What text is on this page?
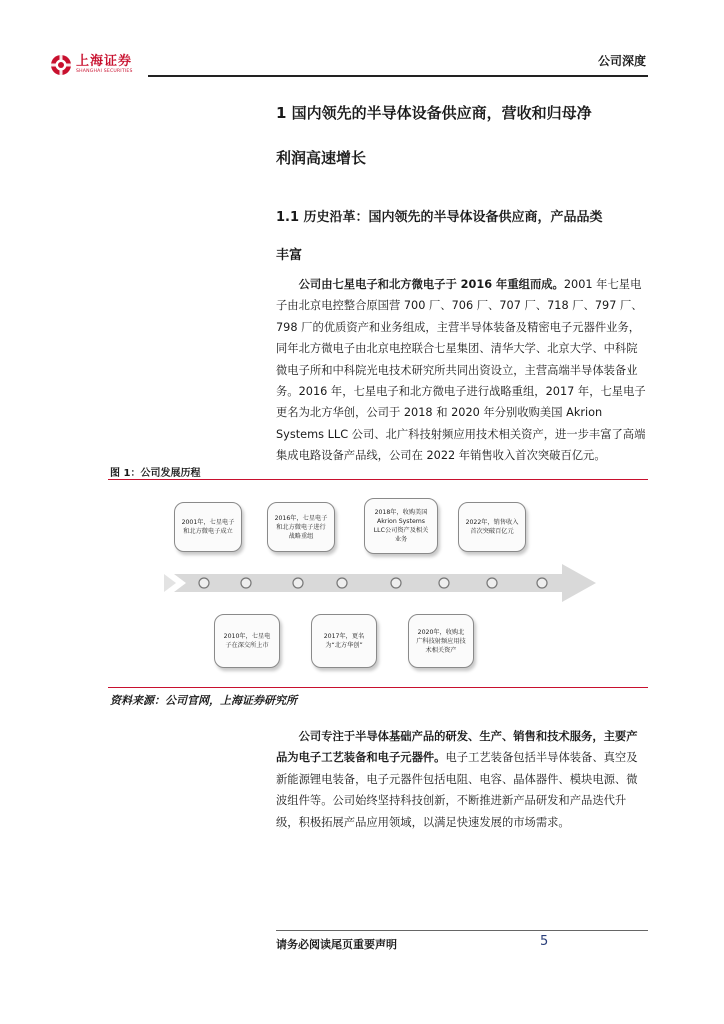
上海证券
SHANGHAI SECURITIES
公司深度

1 国内领先的半导体设备供应商，营收和归母净

利润高速增长

1.1 历史沿革：国内领先的半导体设备供应商，产品品类

丰富

公司由七星电子和北方微电子于 2016 年重组而成。2001 年七星电子由北京电控整合原国营 700 厂、706 厂、707 厂、718 厂、797 厂、798 厂的优质资产和业务组成，主营半导体装备及精密电子元器件业务，同年北方微电子由北京电控联合七星集团、清华大学、北京大学、中科院微电子所和中科院光电技术研究所共同出资设立，主营高端半导体装备业务。2016 年，七星电子和北方微电子进行战略重组，2017 年，七星电子更名为北方华创，公司于 2018 和 2020 年分别收购美国 Akrion Systems LLC 公司、北广科技射频应用技术相关资产，进一步丰富了高端集成电路设备产品线，公司在 2022 年销售收入首次突破百亿元。

图 1：公司发展历程
2001年，七星电子和北方微电子成立
2016年，七星电子和北方微电子进行战略重组
2018年，收购美国 Akrion Systems LLC公司资产及相关业务
2022年，销售收入首次突破百亿元
2010年，七星电子在深交所上市
2017年，更名为“北方华创”
2020年，收购北广科技射频应用技术相关资产
资料来源：公司官网，上海证券研究所

公司专注于半导体基础产品的研发、生产、销售和技术服务，主要产品为电子工艺装备和电子元器件。电子工艺装备包括半导体装备、真空及新能源锂电装备，电子元器件包括电阻、电容、晶体器件、模块电源、微波组件等。公司始终坚持科技创新，不断推进新产品研发和产品迭代升级，积极拓展产品应用领域，以满足快速发展的市场需求。

请务必阅读尾页重要声明	5
